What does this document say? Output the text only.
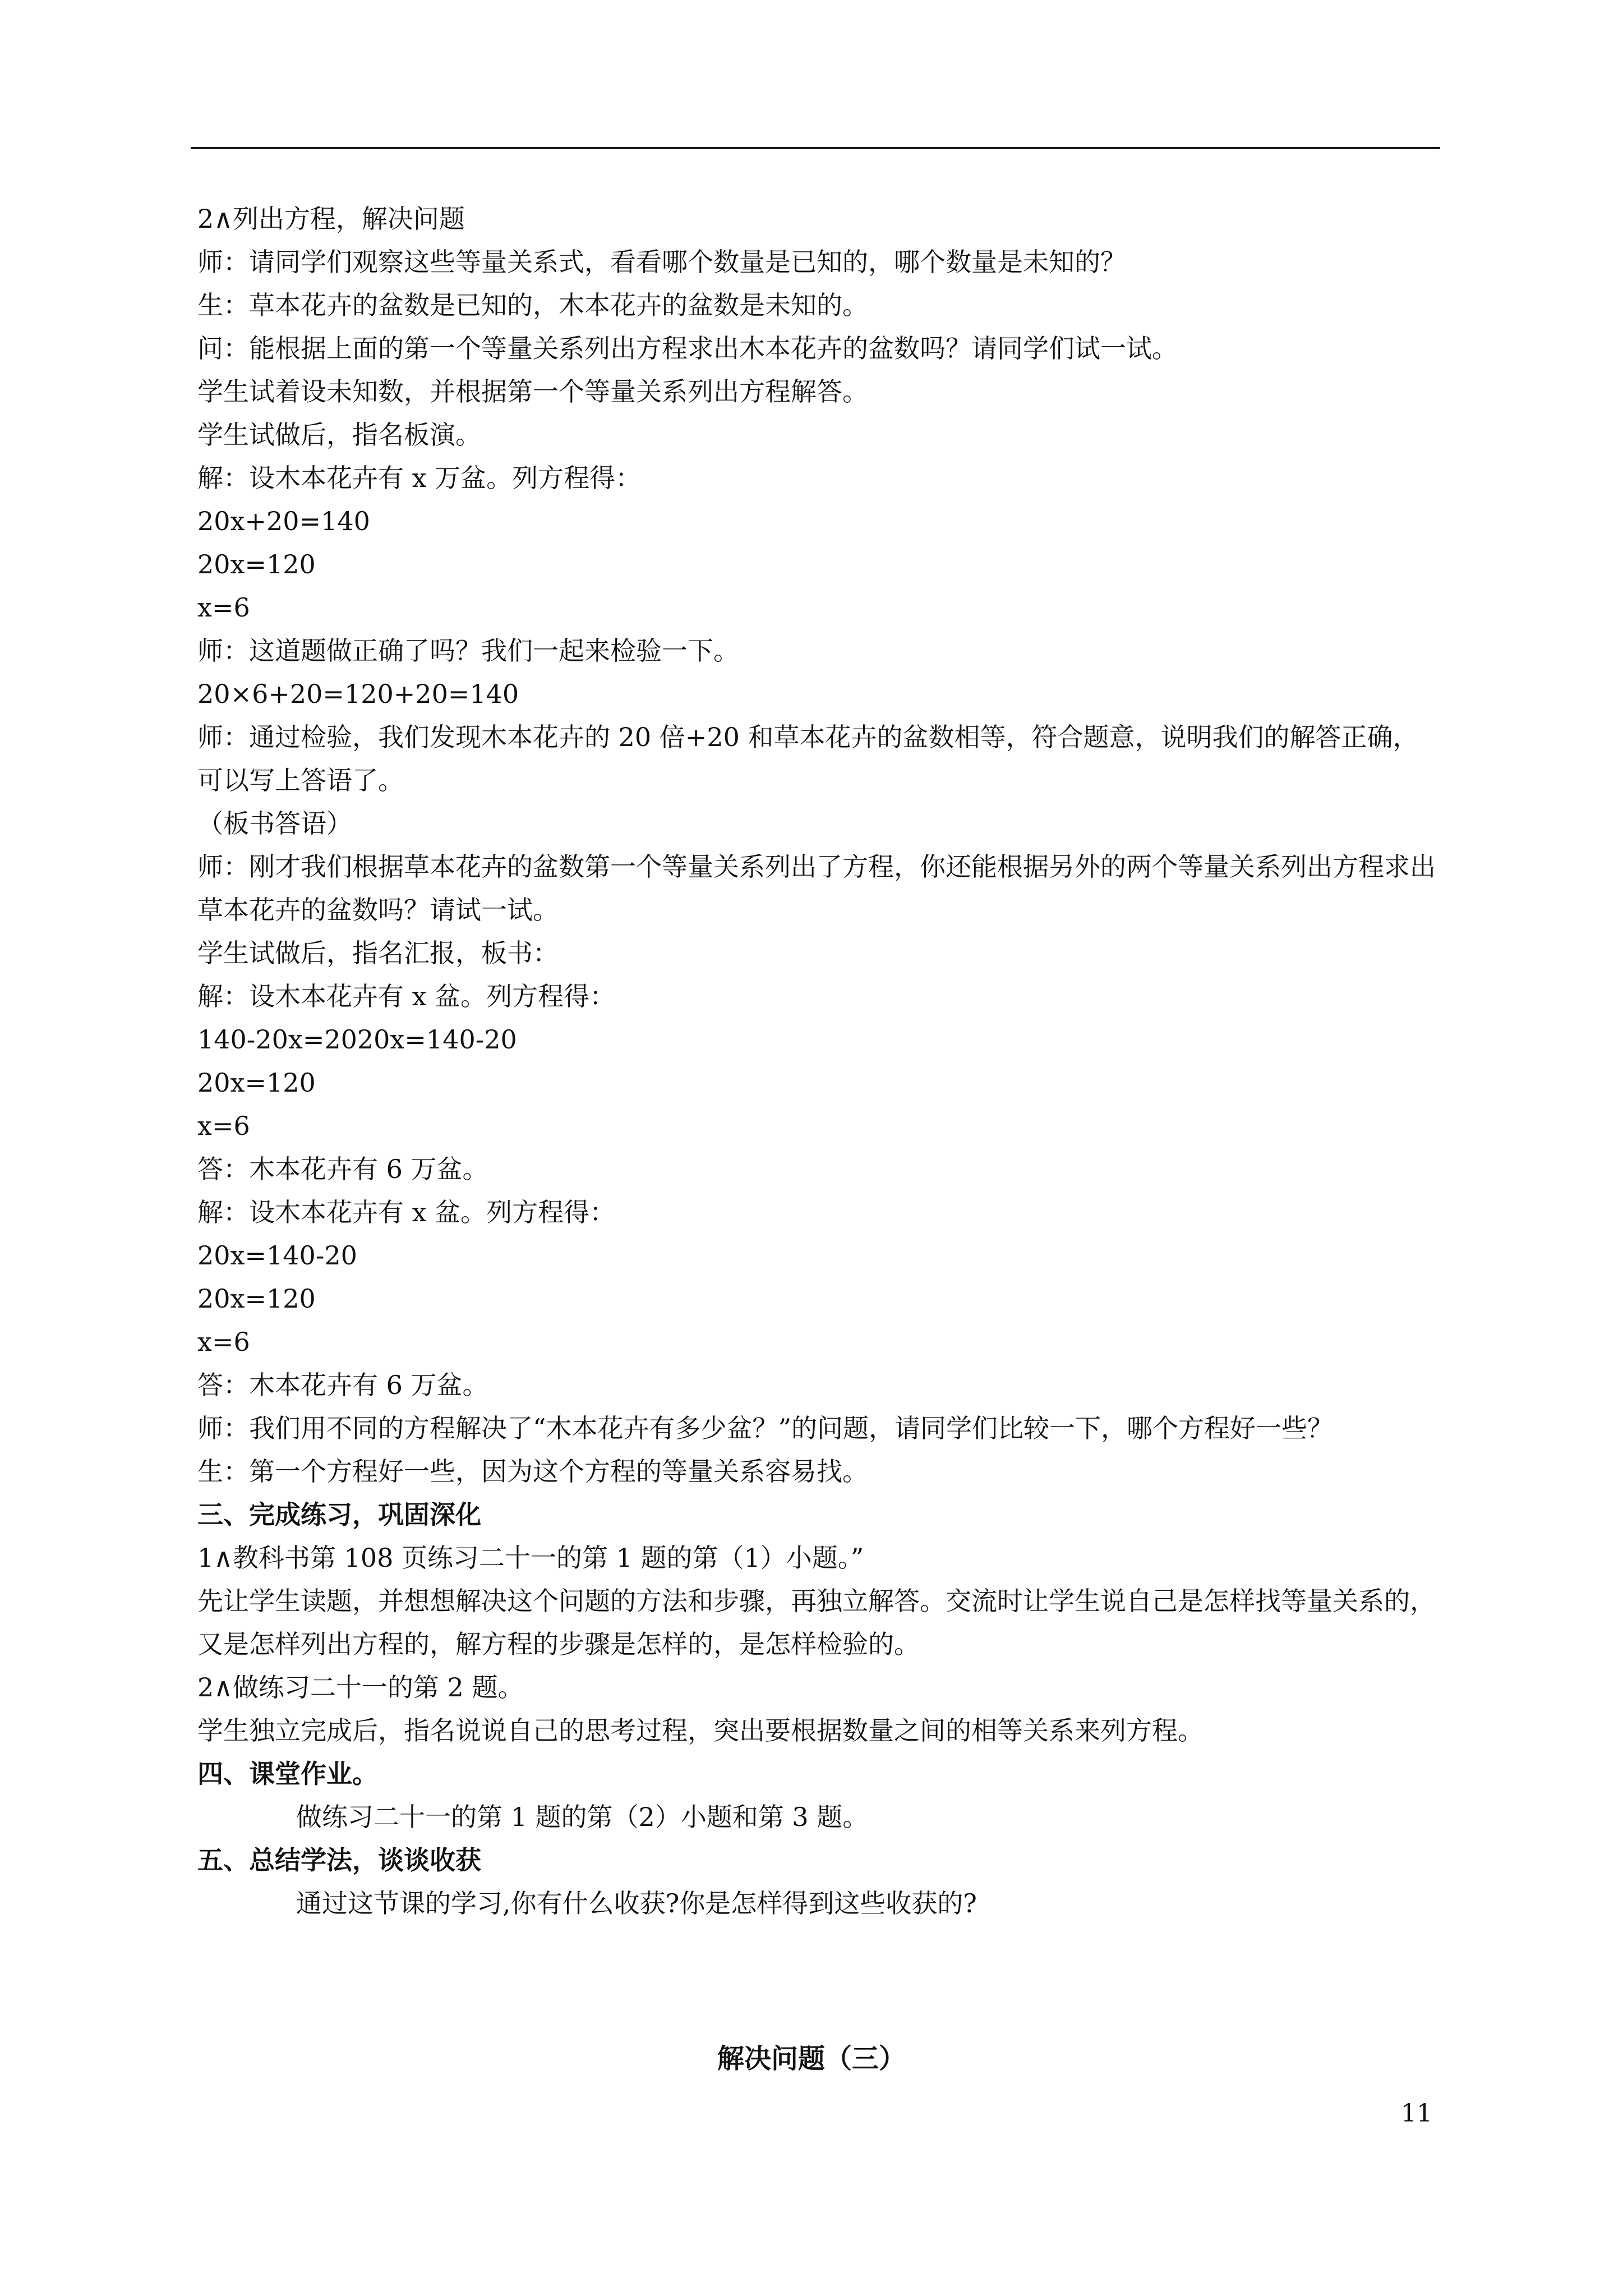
2∧列出方程，解决问题
师：请同学们观察这些等量关系式，看看哪个数量是已知的，哪个数量是未知的？
生：草本花卉的盆数是已知的，木本花卉的盆数是未知的。
问：能根据上面的第一个等量关系列出方程求出木本花卉的盆数吗？请同学们试一试。
学生试着设未知数，并根据第一个等量关系列出方程解答。
学生试做后，指名板演。
解：设木本花卉有 x 万盆。列方程得：
20x+20=140
20x=120
x=6
师：这道题做正确了吗？我们一起来检验一下。
20×6+20=120+20=140
师：通过检验，我们发现木本花卉的 20 倍+20 和草本花卉的盆数相等，符合题意，说明我们的解答正确，可以写上答语了。
（板书答语）
师：刚才我们根据草本花卉的盆数第一个等量关系列出了方程，你还能根据另外的两个等量关系列出方程求出草本花卉的盆数吗？请试一试。
学生试做后，指名汇报，板书：
解：设木本花卉有 x 盆。列方程得：
140-20x=2020x=140-20
20x=120
x=6
答：木本花卉有 6 万盆。
解：设木本花卉有 x 盆。列方程得：
20x=140-20
20x=120
x=6
答：木本花卉有 6 万盆。
师：我们用不同的方程解决了“木本花卉有多少盆？”的问题，请同学们比较一下，哪个方程好一些？
生：第一个方程好一些，因为这个方程的等量关系容易找。
三、完成练习，巩固深化
1∧教科书第 108 页练习二十一的第 1 题的第（1）小题。”
先让学生读题，并想想解决这个问题的方法和步骤，再独立解答。交流时让学生说自己是怎样找等量关系的，又是怎样列出方程的，解方程的步骤是怎样的，是怎样检验的。
2∧做练习二十一的第 2 题。
学生独立完成后，指名说说自己的思考过程，突出要根据数量之间的相等关系来列方程。
四、课堂作业。
做练习二十一的第 1 题的第（2）小题和第 3 题。
五、总结学法，谈谈收获
通过这节课的学习,你有什么收获?你是怎样得到这些收获的?
解决问题（三）
11
